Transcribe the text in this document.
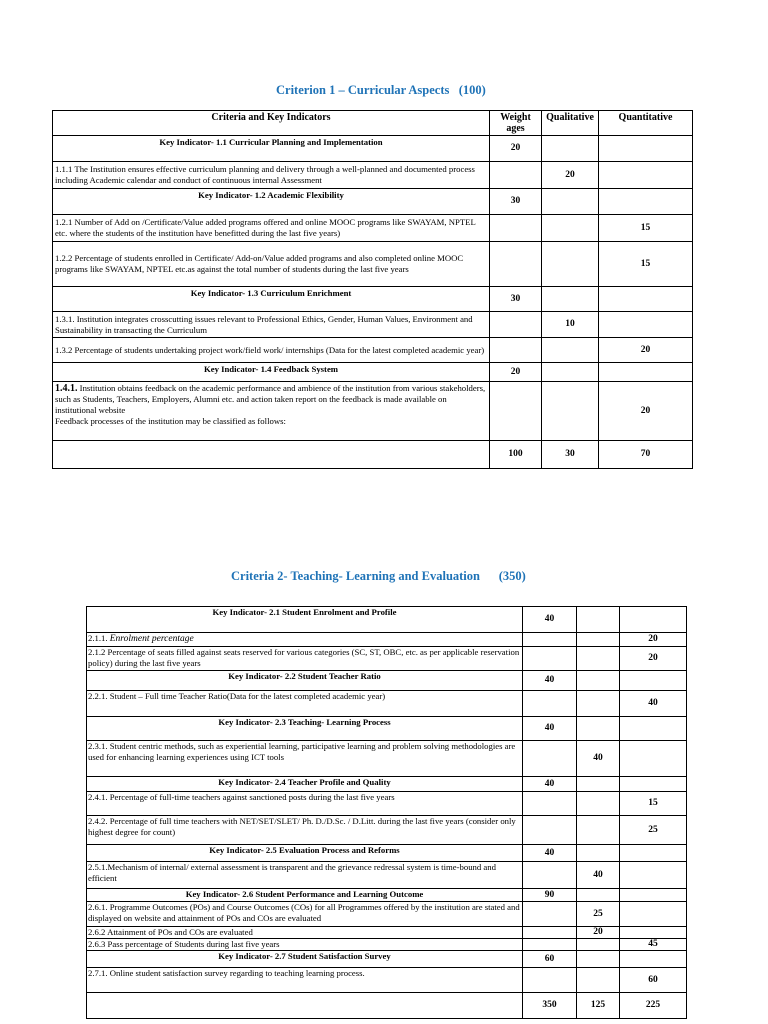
Criterion 1 – Curricular Aspects   (100)
Criteria and Key Indicators	Weight ages	Qualitative	Quantitative
Key Indicator- 1.1 Curricular Planning and Implementation	20		
1.1.1 The Institution ensures effective curriculum planning and delivery through a well-planned and documented process including Academic calendar and conduct of continuous internal Assessment		20	
Key Indicator- 1.2 Academic Flexibility	30		
1.2.1 Number of Add on /Certificate/Value added programs offered and online MOOC programs like SWAYAM, NPTEL etc. where the students of the institution have benefitted during the last five years)			15
1.2.2 Percentage of students enrolled in Certificate/ Add-on/Value added programs and also completed online MOOC programs like SWAYAM, NPTEL etc.as against the total number of students during the last five years			15
Key Indicator- 1.3 Curriculum Enrichment	30		
1.3.1. Institution integrates crosscutting issues relevant to Professional Ethics, Gender, Human Values, Environment and Sustainability in transacting the Curriculum		10	
1.3.2 Percentage of students undertaking project work/field work/ internships (Data for the latest completed academic year)			20
Key Indicator- 1.4 Feedback System	20		
1.4.1. Institution obtains feedback on the academic performance and ambience of the institution from various stakeholders, such as Students, Teachers, Employers, Alumni etc. and action taken report on the feedback is made available on institutional website
Feedback processes of the institution may be classified as follows:			20
	100	30	70
Criteria 2- Teaching- Learning and Evaluation      (350)
Key Indicator- 2.1 Student Enrolment and Profile	40		
2.1.1. Enrolment percentage			20
2.1.2 Percentage of seats filled against seats reserved for various categories (SC, ST, OBC, etc. as per applicable reservation policy) during the last five years			20
Key Indicator- 2.2 Student Teacher Ratio	40		
2.2.1. Student – Full time Teacher Ratio(Data for the latest completed academic year)			40
Key Indicator- 2.3 Teaching- Learning Process	40		
2.3.1. Student centric methods, such as experiential learning, participative learning and problem solving methodologies are used for enhancing learning experiences using ICT tools		40	
Key Indicator- 2.4 Teacher Profile and Quality	40		
2.4.1. Percentage of full-time teachers against sanctioned posts during the last five years			15
2.4.2. Percentage of full time teachers with NET/SET/SLET/ Ph. D./D.Sc. / D.Litt. during the last five years (consider only highest degree for count)			25
Key Indicator- 2.5 Evaluation Process and Reforms	40		
2.5.1.Mechanism of internal/ external assessment is transparent and the grievance redressal system is time-bound and efficient		40	
Key Indicator- 2.6 Student Performance and Learning Outcome	90		
2.6.1. Programme Outcomes (POs) and Course Outcomes (COs) for all Programmes offered by the institution are stated and displayed on website and attainment of POs and COs are evaluated		25	
2.6.2 Attainment of POs and COs are evaluated		20	
2.6.3 Pass percentage of Students during last five years			45
Key Indicator- 2.7 Student Satisfaction Survey	60		
2.7.1. Online student satisfaction survey regarding to teaching learning process.			60
	350	125	225
